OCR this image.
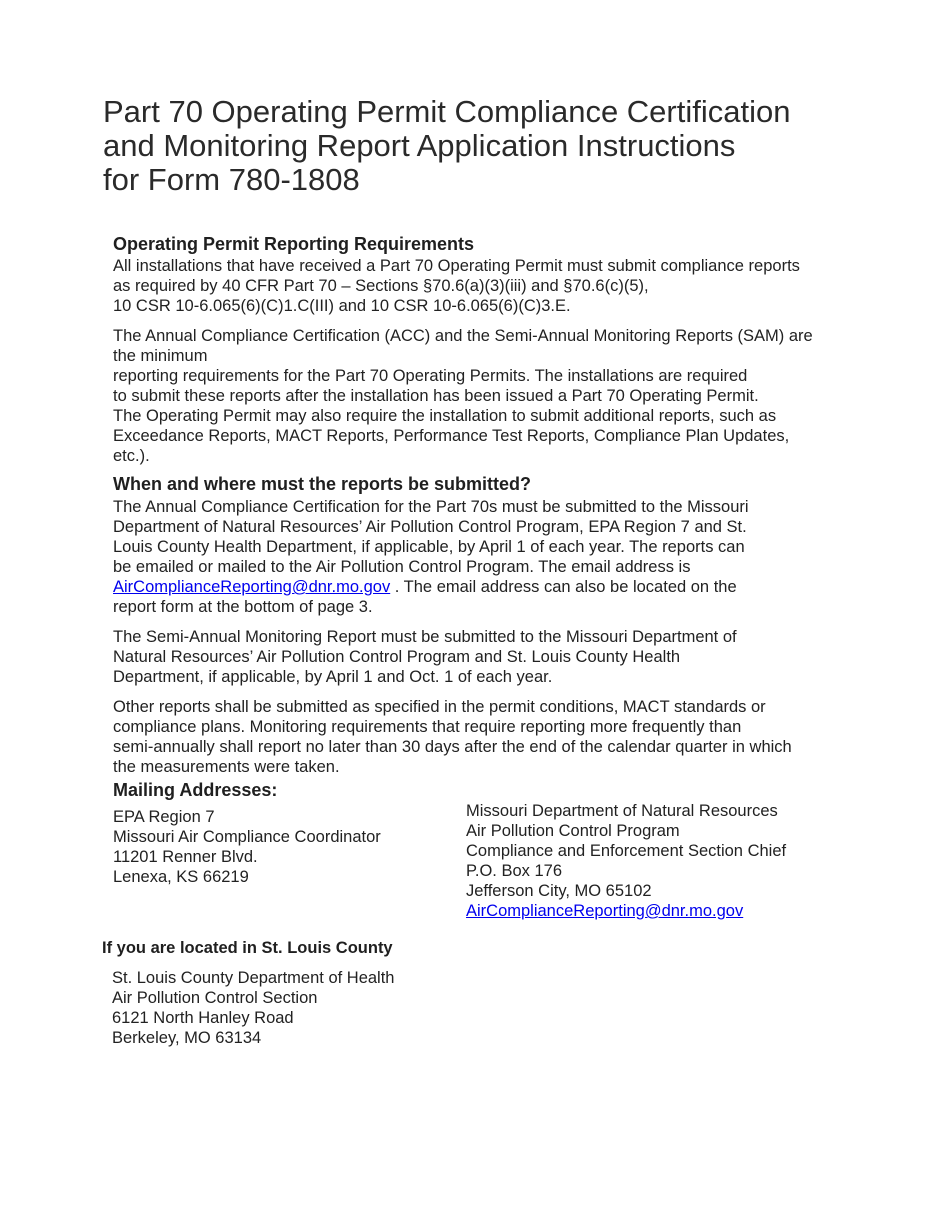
Part 70 Operating Permit Compliance Certification
and Monitoring Report Application Instructions
for Form 780-1808
Operating Permit Reporting Requirements
All installations that have received a Part 70 Operating Permit must submit compliance reports
as required by 40 CFR Part 70 – Sections §70.6(a)(3)(iii) and §70.6(c)(5),
10 CSR 10-6.065(6)(C)1.C(III) and 10 CSR 10-6.065(6)(C)3.E.
The Annual Compliance Certification (ACC) and the Semi-Annual Monitoring Reports (SAM) are
the minimum
reporting requirements for the Part 70 Operating Permits. The installations are required
to submit these reports after the installation has been issued a Part 70 Operating Permit.
The Operating Permit may also require the installation to submit additional reports, such as
Exceedance Reports, MACT Reports, Performance Test Reports, Compliance Plan Updates,
etc.).
When and where must the reports be submitted?
The Annual Compliance Certification for the Part 70s must be submitted to the Missouri
Department of Natural Resources’ Air Pollution Control Program, EPA Region 7 and St.
Louis County Health Department, if applicable, by April 1 of each year. The reports can
be emailed or mailed to the Air Pollution Control Program. The email address is
AirComplianceReporting@dnr.mo.gov . The email address can also be located on the
report form at the bottom of page 3.
The Semi-Annual Monitoring Report must be submitted to the Missouri Department of
Natural Resources’ Air Pollution Control Program and St. Louis County Health
Department, if applicable, by April 1 and Oct. 1 of each year.
Other reports shall be submitted as specified in the permit conditions, MACT standards or
compliance plans. Monitoring requirements that require reporting more frequently than
semi-annually shall report no later than 30 days after the end of the calendar quarter in which
the measurements were taken.
Mailing Addresses:
EPA Region 7
Missouri Air Compliance Coordinator
11201 Renner Blvd.
Lenexa, KS 66219
Missouri Department of Natural Resources
Air Pollution Control Program
Compliance and Enforcement Section Chief
P.O. Box 176
Jefferson City, MO 65102
AirComplianceReporting@dnr.mo.gov
If you are located in St. Louis County
St. Louis County Department of Health
Air Pollution Control Section
6121 North Hanley Road
Berkeley, MO 63134
